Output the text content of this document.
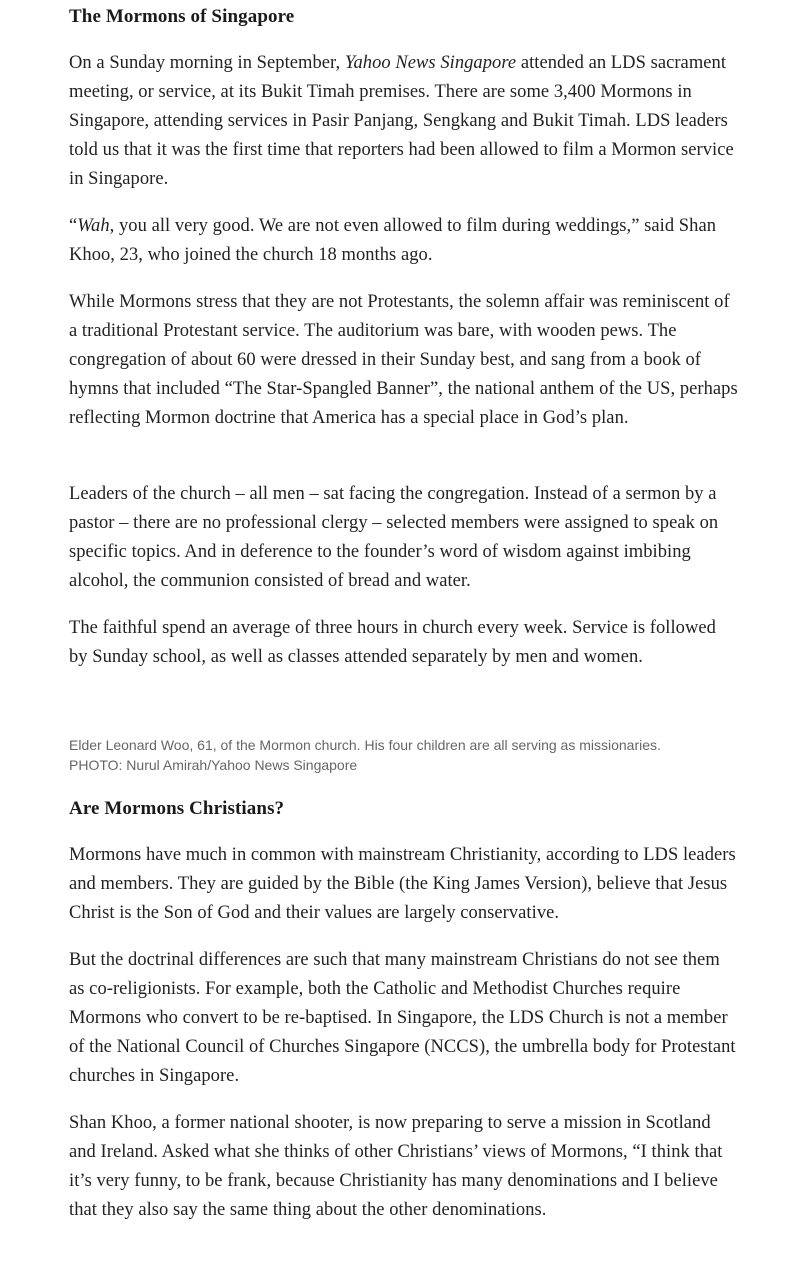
The Mormons of Singapore

On a Sunday morning in September, Yahoo News Singapore attended an LDS sacrament meeting, or service, at its Bukit Timah premises. There are some 3,400 Mormons in Singapore, attending services in Pasir Panjang, Sengkang and Bukit Timah. LDS leaders told us that it was the first time that reporters had been allowed to film a Mormon service in Singapore.

“Wah, you all very good. We are not even allowed to film during weddings,” said Shan Khoo, 23, who joined the church 18 months ago.

While Mormons stress that they are not Protestants, the solemn affair was reminiscent of a traditional Protestant service. The auditorium was bare, with wooden pews. The congregation of about 60 were dressed in their Sunday best, and sang from a book of hymns that included “The Star-Spangled Banner”, the national anthem of the US, perhaps reflecting Mormon doctrine that America has a special place in God’s plan.

Leaders of the church – all men – sat facing the congregation. Instead of a sermon by a pastor – there are no professional clergy – selected members were assigned to speak on specific topics. And in deference to the founder’s word of wisdom against imbibing alcohol, the communion consisted of bread and water.

The faithful spend an average of three hours in church every week. Service is followed by Sunday school, as well as classes attended separately by men and women.

Elder Leonard Woo, 61, of the Mormon church. His four children are all serving as missionaries.
PHOTO: Nurul Amirah/Yahoo News Singapore
Are Mormons Christians?

Mormons have much in common with mainstream Christianity, according to LDS leaders and members. They are guided by the Bible (the King James Version), believe that Jesus Christ is the Son of God and their values are largely conservative.

But the doctrinal differences are such that many mainstream Christians do not see them as co-religionists. For example, both the Catholic and Methodist Churches require Mormons who convert to be re-baptised. In Singapore, the LDS Church is not a member of the National Council of Churches Singapore (NCCS), the umbrella body for Protestant churches in Singapore.

Shan Khoo, a former national shooter, is now preparing to serve a mission in Scotland and Ireland. Asked what she thinks of other Christians’ views of Mormons, “I think that it’s very funny, to be frank, because Christianity has many denominations and I believe that they also say the same thing about the other denominations.
